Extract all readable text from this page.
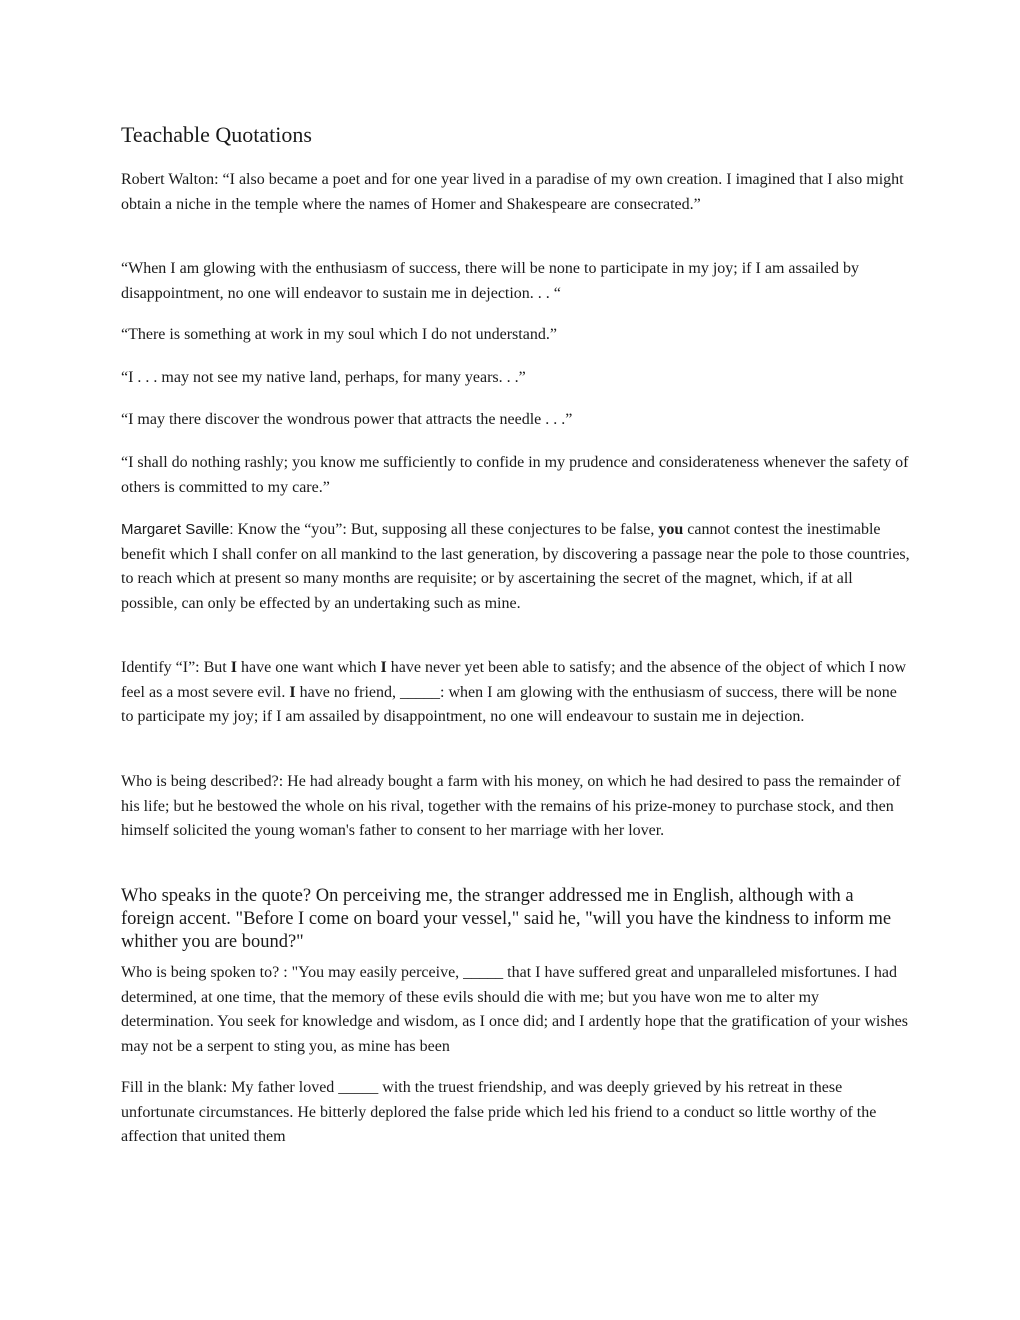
Teachable Quotations

Robert Walton: “I also became a poet and for one year lived in a paradise of my own creation. I imagined that I also might obtain a niche in the temple where the names of Homer and Shakespeare are consecrated.”

“When I am glowing with the enthusiasm of success, there will be none to participate in my joy; if I am assailed by disappointment, no one will endeavor to sustain me in dejection. . . “

“There is something at work in my soul which I do not understand.”

“I . . . may not see my native land, perhaps, for many years. . .”

“I may there discover the wondrous power that attracts the needle . . .”

“I shall do nothing rashly; you know me sufficiently to confide in my prudence and considerateness whenever the safety of others is committed to my care.”

Margaret Saville: Know the “you”: But, supposing all these conjectures to be false, you cannot contest the inestimable benefit which I shall confer on all mankind to the last generation, by discovering a passage near the pole to those countries, to reach which at present so many months are requisite; or by ascertaining the secret of the magnet, which, if at all possible, can only be effected by an undertaking such as mine.

Identify “I”: But I have one want which I have never yet been able to satisfy; and the absence of the object of which I now feel as a most severe evil. I have no friend, _____: when I am glowing with the enthusiasm of success, there will be none to participate my joy; if I am assailed by disappointment, no one will endeavour to sustain me in dejection.

Who is being described?: He had already bought a farm with his money, on which he had desired to pass the remainder of his life; but he bestowed the whole on his rival, together with the remains of his prize-money to purchase stock, and then himself solicited the young woman's father to consent to her marriage with her lover.

Who speaks in the quote? On perceiving me, the stranger addressed me in English, although with a foreign accent. "Before I come on board your vessel," said he, "will you have the kindness to inform me whither you are bound?"

Who is being spoken to? : "You may easily perceive, _____ that I have suffered great and unparalleled misfortunes. I had determined, at one time, that the memory of these evils should die with me; but you have won me to alter my determination. You seek for knowledge and wisdom, as I once did; and I ardently hope that the gratification of your wishes may not be a serpent to sting you, as mine has been

Fill in the blank: My father loved _____ with the truest friendship, and was deeply grieved by his retreat in these unfortunate circumstances. He bitterly deplored the false pride which led his friend to a conduct so little worthy of the affection that united them
